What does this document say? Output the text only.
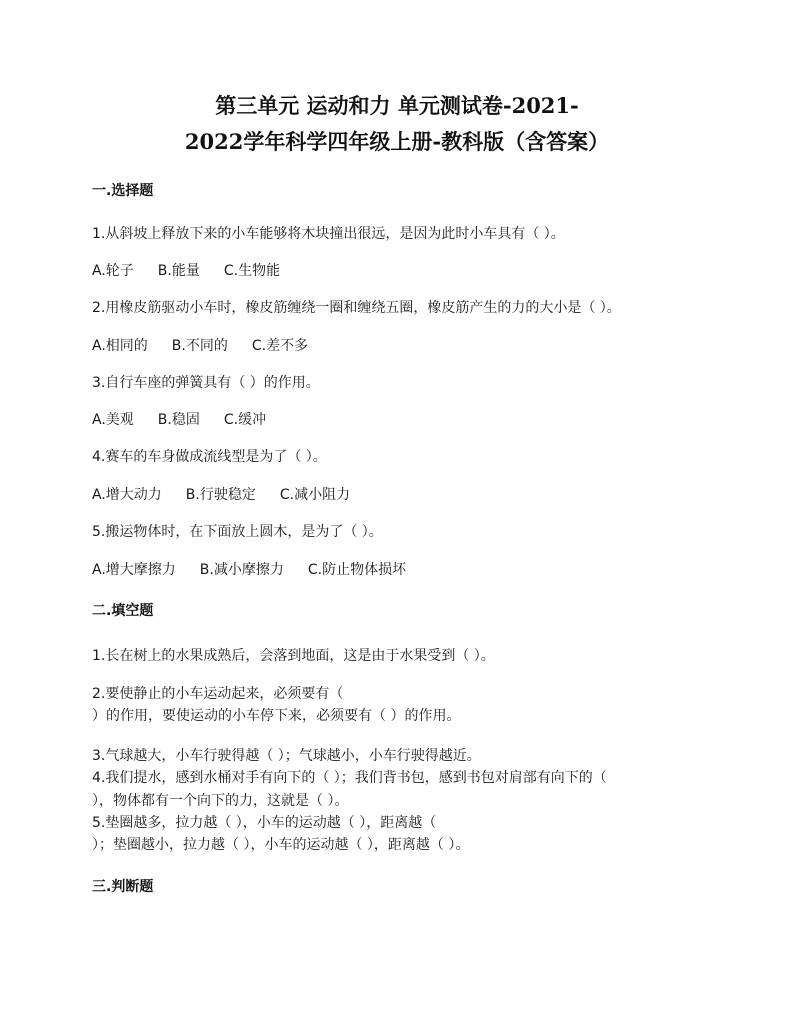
第三单元 运动和力 单元测试卷-2021-
2022学年科学四年级上册-教科版（含答案）
一.选择题
1.从斜坡上释放下来的小车能够将木块撞出很远，是因为此时小车具有（ ）。
A.轮子 B.能量 C.生物能
2.用橡皮筋驱动小车时，橡皮筋缠绕一圈和缠绕五圈，橡皮筋产生的力的大小是（ ）。
A.相同的 B.不同的 C.差不多
3.自行车座的弹簧具有（ ）的作用。
A.美观 B.稳固 C.缓冲
4.赛车的车身做成流线型是为了（ ）。
A.增大动力 B.行驶稳定 C.减小阻力
5.搬运物体时，在下面放上圆木，是为了（ ）。
A.增大摩擦力 B.减小摩擦力 C.防止物体损坏
二.填空题
1.长在树上的水果成熟后，会落到地面，这是由于水果受到（ ）。
2.要使静止的小车运动起来，必须要有（
）的作用，要使运动的小车停下来，必须要有（ ）的作用。
3.气球越大，小车行驶得越（ ）；气球越小，小车行驶得越近。
4.我们提水，感到水桶对手有向下的（ ）；我们背书包，感到书包对肩部有向下的（
），物体都有一个向下的力，这就是（ ）。
5.垫圈越多，拉力越（ ），小车的运动越（ ），距离越（
）；垫圈越小，拉力越（ ），小车的运动越（ ），距离越（ ）。
三.判断题
